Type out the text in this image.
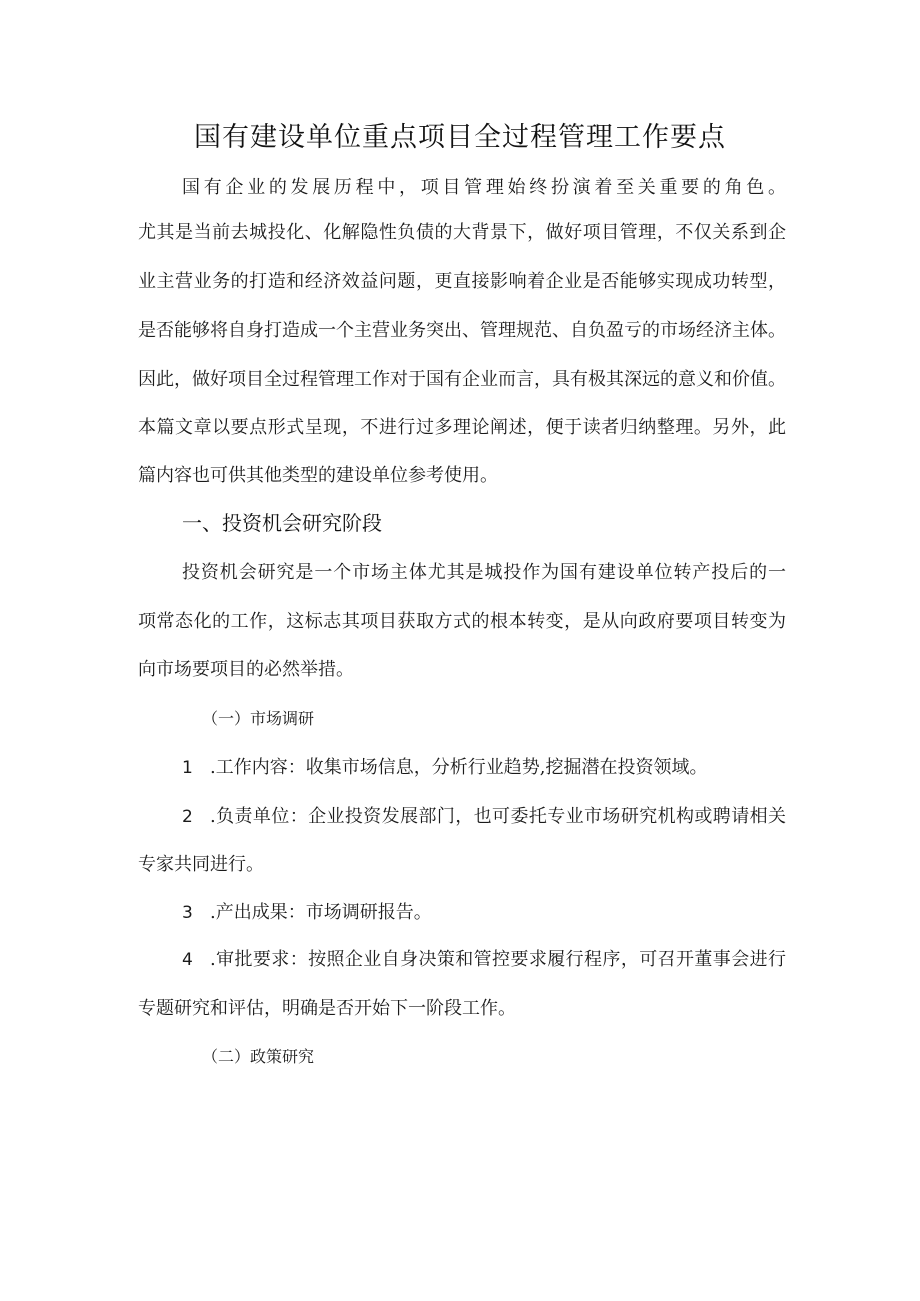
国有建设单位重点项目全过程管理工作要点
国有企业的发展历程中，项目管理始终扮演着至关重要的角色。
尤其是当前去城投化、化解隐性负债的大背景下，做好项目管理，不仅关系到企
业主营业务的打造和经济效益问题，更直接影响着企业是否能够实现成功转型，
是否能够将自身打造成一个主营业务突出、管理规范、自负盈亏的市场经济主体。
因此，做好项目全过程管理工作对于国有企业而言，具有极其深远的意义和价值。
本篇文章以要点形式呈现，不进行过多理论阐述，便于读者归纳整理。另外，此
篇内容也可供其他类型的建设单位参考使用。
一、投资机会研究阶段
投资机会研究是一个市场主体尤其是城投作为国有建设单位转产投后的一
项常态化的工作，这标志其项目获取方式的根本转变，是从向政府要项目转变为
向市场要项目的必然举措。
（一）市场调研
1 .工作内容：收集市场信息，分析行业趋势,挖掘潜在投资领域。
2 .负责单位：企业投资发展部门，也可委托专业市场研究机构或聘请相关
专家共同进行。
3 .产出成果：市场调研报告。
4 .审批要求：按照企业自身决策和管控要求履行程序，可召开董事会进行
专题研究和评估，明确是否开始下一阶段工作。
（二）政策研究
